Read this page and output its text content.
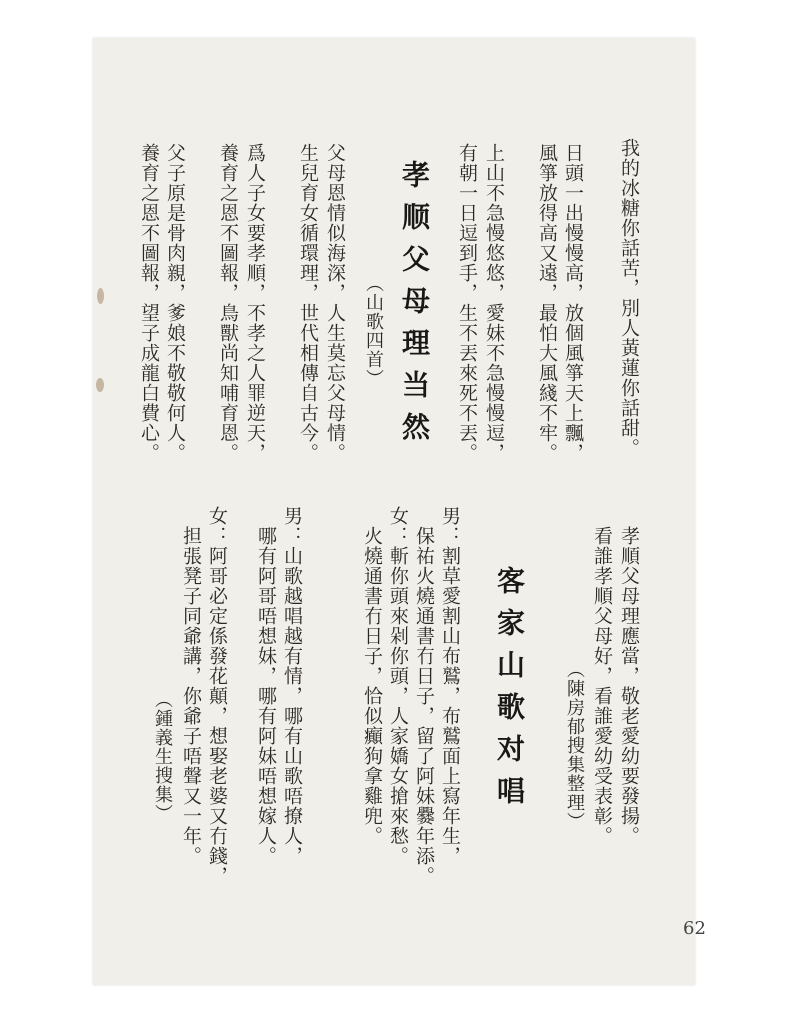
我的冰糖你話苦，別人黃蓮你話甜。
日頭一出慢慢高，放個風箏天上飄，
風箏放得高又遠，最怕大風綫不牢。
上山不急慢悠悠，愛妹不急慢慢逗，
有朝一日逗到手，生不丟來死不丟。
孝顺父母理当然
（山歌四首）
父母恩情似海深，人生莫忘父母情。
生兒育女循環理，世代相傳自古今。
爲人子女要孝順，不孝之人罪逆天，
養育之恩不圖報，鳥獸尚知哺育恩。
父子原是骨肉親，爹娘不敬敬何人。
養育之恩不圖報，望子成龍白費心。
孝順父母理應當，敬老愛幼要發揚。
看誰孝順父母好，看誰愛幼受表彰。
（陳房郁搜集整理）
客家山歌对唱
男：割草愛割山布鷲，布鷲面上寫年生，
保祐火燒通書冇日子，留了阿妹爨年添。
女：斬你頭來剁你頭，人家嬌女搶來愁。
火燒通書冇日子，恰似癲狗拿雞兜。
男：山歌越唱越有情，哪有山歌唔撩人，
哪有阿哥唔想妹，哪有阿妹唔想嫁人。
女：阿哥必定係發花顛，想娶老婆又冇錢，
担張凳子同爺講，你爺子唔聲又一年。
（鍾義生搜集）
62
